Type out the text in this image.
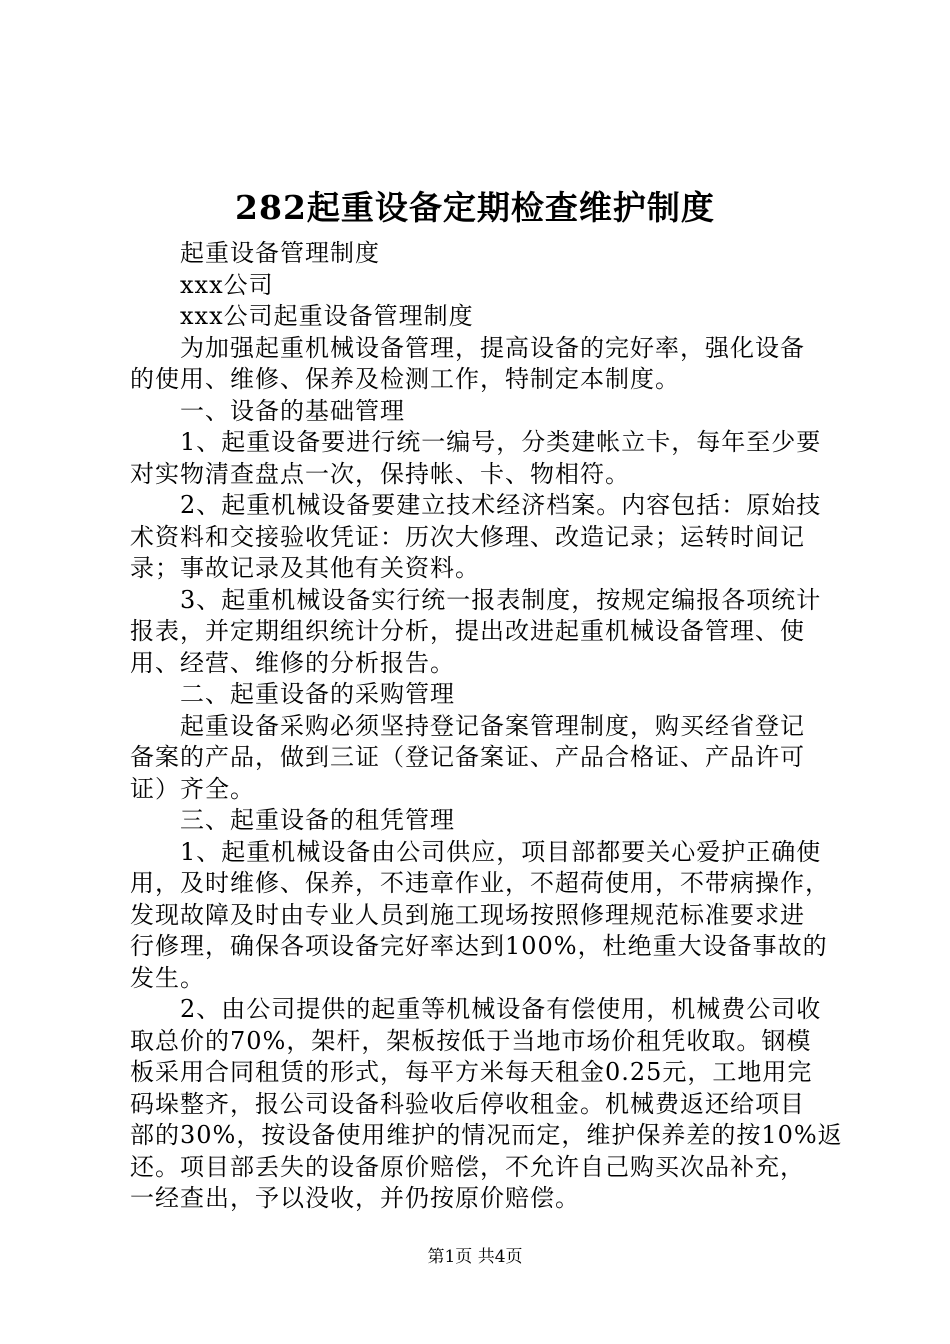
282起重设备定期检查维护制度
起重设备管理制度
xxx公司
xxx公司起重设备管理制度
为加强起重机械设备管理，提高设备的完好率，强化设备
的使用、维修、保养及检测工作，特制定本制度。
一、设备的基础管理
1、起重设备要进行统一编号，分类建帐立卡，每年至少要
对实物清查盘点一次，保持帐、卡、物相符。
2、起重机械设备要建立技术经济档案。内容包括：原始技
术资料和交接验收凭证：历次大修理、改造记录；运转时间记
录；事故记录及其他有关资料。
3、起重机械设备实行统一报表制度，按规定编报各项统计
报表，并定期组织统计分析，提出改进起重机械设备管理、使
用、经营、维修的分析报告。
二、起重设备的采购管理
起重设备采购必须坚持登记备案管理制度，购买经省登记
备案的产品，做到三证（登记备案证、产品合格证、产品许可
证）齐全。
三、起重设备的租凭管理
1、起重机械设备由公司供应，项目部都要关心爱护正确使
用，及时维修、保养，不违章作业，不超荷使用，不带病操作，
发现故障及时由专业人员到施工现场按照修理规范标准要求进
行修理，确保各项设备完好率达到100%，杜绝重大设备事故的
发生。
2、由公司提供的起重等机械设备有偿使用，机械费公司收
取总价的70%，架杆，架板按低于当地市场价租凭收取。钢模
板采用合同租赁的形式，每平方米每天租金0.25元，工地用完
码垛整齐，报公司设备科验收后停收租金。机械费返还给项目
部的30%，按设备使用维护的情况而定，维护保养差的按10%返
还。项目部丢失的设备原价赔偿，不允许自己购买次品补充，
一经查出，予以没收，并仍按原价赔偿。
第1页 共4页
